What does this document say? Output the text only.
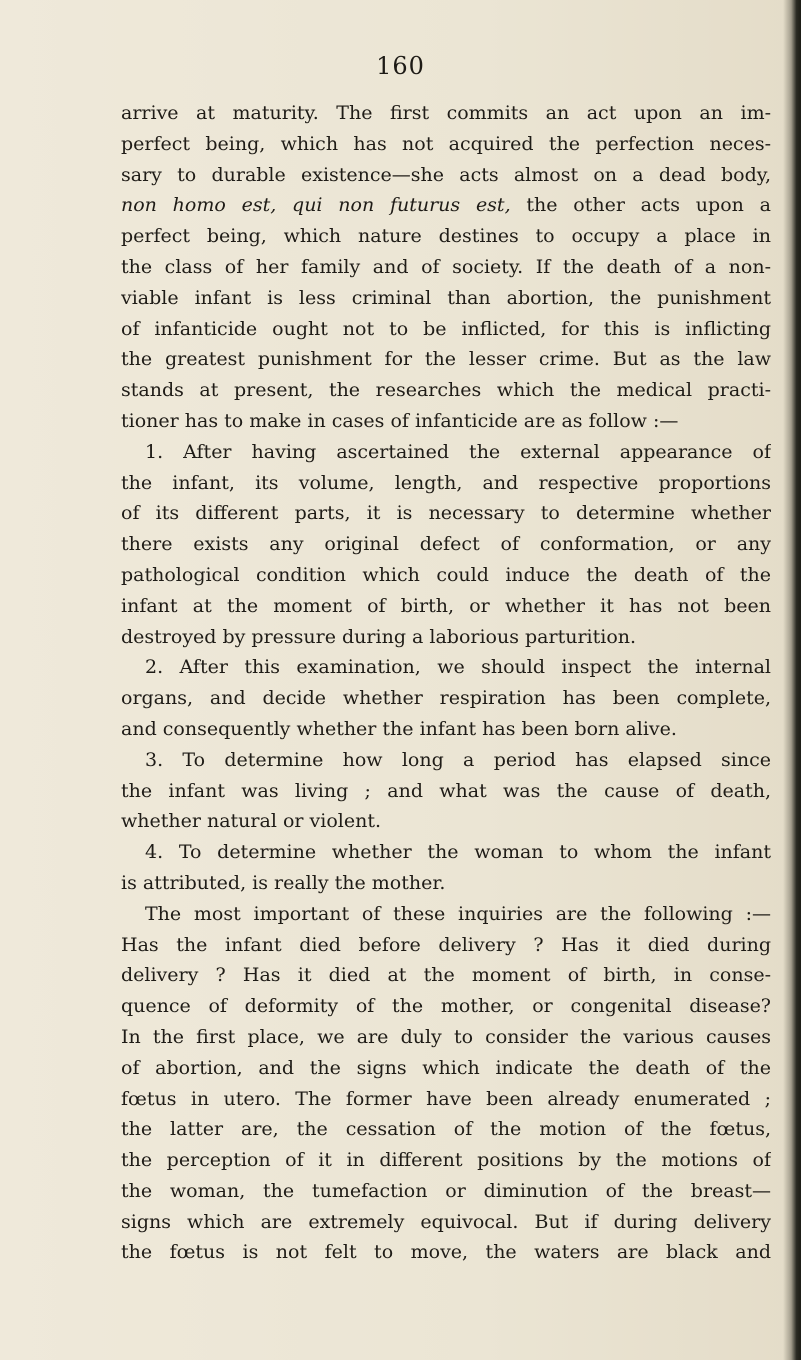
160
arrive at maturity. The first commits an act upon an im-
perfect being, which has not acquired the perfection neces-
sary to durable existence—she acts almost on a dead body,
non homo est, qui non futurus est, the other acts upon a
perfect being, which nature destines to occupy a place in
the class of her family and of society. If the death of a non-
viable infant is less criminal than abortion, the punishment
of infanticide ought not to be inflicted, for this is inflicting
the greatest punishment for the lesser crime. But as the law
stands at present, the researches which the medical practi-
tioner has to make in cases of infanticide are as follow :—
1. After having ascertained the external appearance of
the infant, its volume, length, and respective proportions
of its different parts, it is necessary to determine whether
there exists any original defect of conformation, or any
pathological condition which could induce the death of the
infant at the moment of birth, or whether it has not been
destroyed by pressure during a laborious parturition.
2. After this examination, we should inspect the internal
organs, and decide whether respiration has been complete,
and consequently whether the infant has been born alive.
3. To determine how long a period has elapsed since
the infant was living ; and what was the cause of death,
whether natural or violent.
4. To determine whether the woman to whom the infant
is attributed, is really the mother.
The most important of these inquiries are the following :—
Has the infant died before delivery ? Has it died during
delivery ? Has it died at the moment of birth, in conse-
quence of deformity of the mother, or congenital disease?
In the first place, we are duly to consider the various causes
of abortion, and the signs which indicate the death of the
fœtus in utero. The former have been already enumerated ;
the latter are, the cessation of the motion of the fœtus,
the perception of it in different positions by the motions of
the woman, the tumefaction or diminution of the breast—
signs which are extremely equivocal. But if during delivery
the fœtus is not felt to move, the waters are black and
